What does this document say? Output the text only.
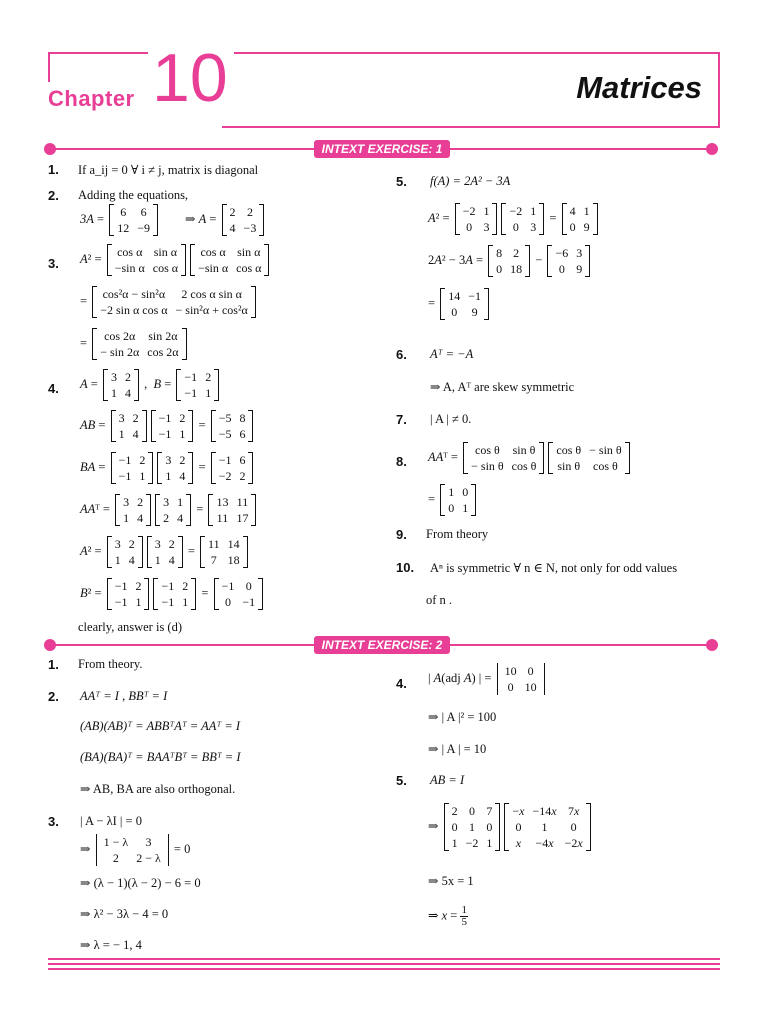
Chapter 10	Matrices
INTEXT EXERCISE: 1
1. If a_ij = 0 ∀ i ≠ j, matrix is diagonal
2. Adding the equations,
3A = 6	6
12	−9
⇒ A = 2	2
4	−3
3. A² = cos α	sin α
−sin α	cos α
cos α	sin α
−sin α	cos α
= cos²α − sin²α	2 cos α sin α
−2 sin α cos α	− sin²α + cos²α
= cos 2α	sin 2α
− sin 2α	cos 2α
4. A = 3	2
1	4
,  B = −1	2
−1	1
AB = 3	2
1	4
−1	2
−1	1
= −5	8
−5	6
BA = −1	2
−1	1
3	2
1	4
= −1	6
−2	2
AAᵀ = 3	2
1	4
3	1
2	4
= 13	11
11	17
A² = 3	2
1	4
3	2
1	4
= 11	14
7	18
B² = −1	2
−1	1
−1	2
−1	1
= −1	0
0	−1
clearly, answer is (d)
5. f(A) = 2A² − 3A
A² = −2	1
0	3
−2	1
0	3
= 4	1
0	9
2A² − 3A = 8	2
0	18
− −6	3
0	9
= 14	−1
0	9
6. Aᵀ = −A
⇒ A, Aᵀ are skew symmetric
7. | A | ≠ 0.
8. AAᵀ = cos θ	sin θ
− sin θ	cos θ
cos θ	− sin θ
sin θ	cos θ
= 1	0
0	1
9. From theory
10. Aⁿ is symmetric ∀ n ∈ N, not only for odd values
of n .
INTEXT EXERCISE: 2
1. From theory.
2. AAᵀ = I , BBᵀ = I
(AB)(AB)ᵀ = ABBᵀAᵀ = AAᵀ = I
(BA)(BA)ᵀ = BAAᵀBᵀ = BBᵀ = I
⇒ AB, BA are also orthogonal.
3. | A − λI | = 0
⇒ 1 − λ	3
2	2 − λ
= 0
⇒ (λ − 1)(λ − 2) − 6 = 0
⇒ λ² − 3λ − 4 = 0
⇒ λ = − 1, 4
4. | A(adj A) | = 10	0
0	10
⇒ | A |² = 100
⇒ | A | = 10
5. AB = I
⇒
2	0	7
0	1	0
1	−2	1
−x	−14x	7x
0	1	0
x	−4x	−2x
⇒ 5x = 1
⇒ $x = \frac{1}{5}$
